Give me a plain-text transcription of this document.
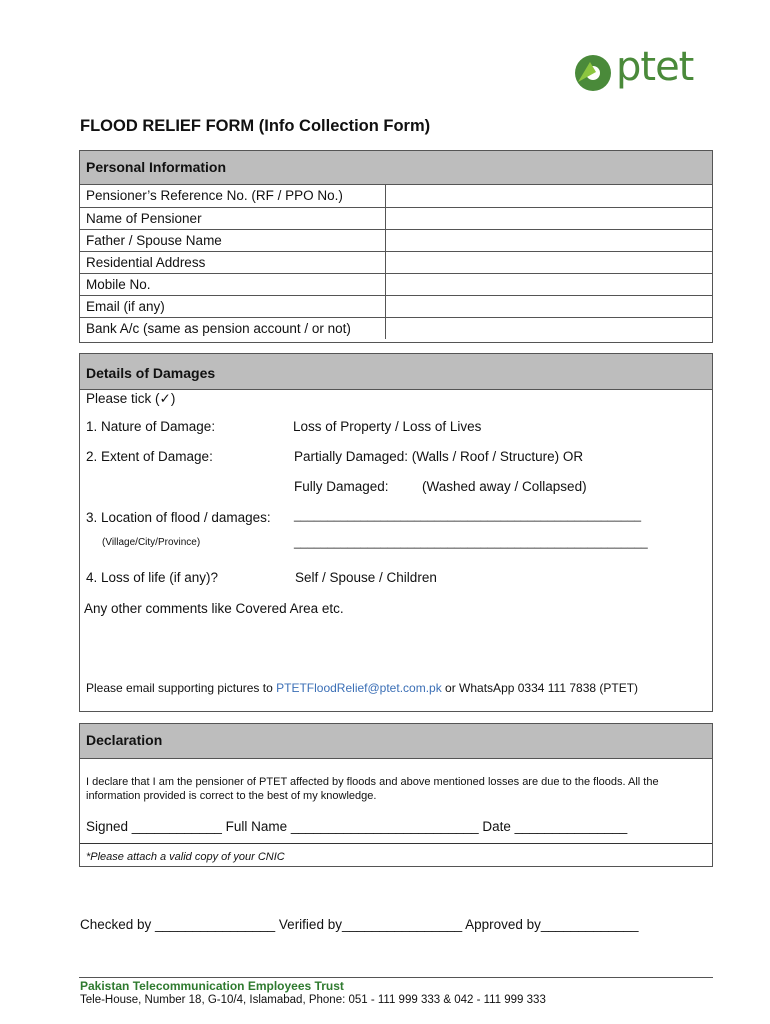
ptet
FLOOD RELIEF FORM (Info Collection Form)
Personal Information
Pensioner’s Reference No. (RF / PPO No.)	
Name of Pensioner	
Father / Spouse Name	
Residential Address	
Mobile No.	
Email (if any)	
Bank A/c (same as pension account / or not)	
Details of Damages
Please tick (✓)
1. Nature of Damage:	Loss of Property / Loss of Lives
2. Extent of Damage:	Partially Damaged: (Walls / Roof / Structure) OR
Fully Damaged: (Washed away / Collapsed)
3. Location of flood / damages: ____________________________________________________
(Village/City/Province)	_____________________________________________________
4. Loss of life (if any)?	Self / Spouse / Children
Any other comments like Covered Area etc.
Please email supporting pictures to PTETFloodRelief@ptet.com.pk or WhatsApp 0334 111 7838 (PTET)
Declaration
I declare that I am the pensioner of PTET affected by floods and above mentioned losses are due to the floods. All the information provided is correct to the best of my knowledge.
Signed ____________ Full Name _________________________ Date _______________
*Please attach a valid copy of your CNIC
Checked by ________________ Verified by________________ Approved by_____________
Pakistan Telecommunication Employees Trust
Tele-House, Number 18, G-10/4, Islamabad, Phone: 051 - 111 999 333 & 042 - 111 999 333
